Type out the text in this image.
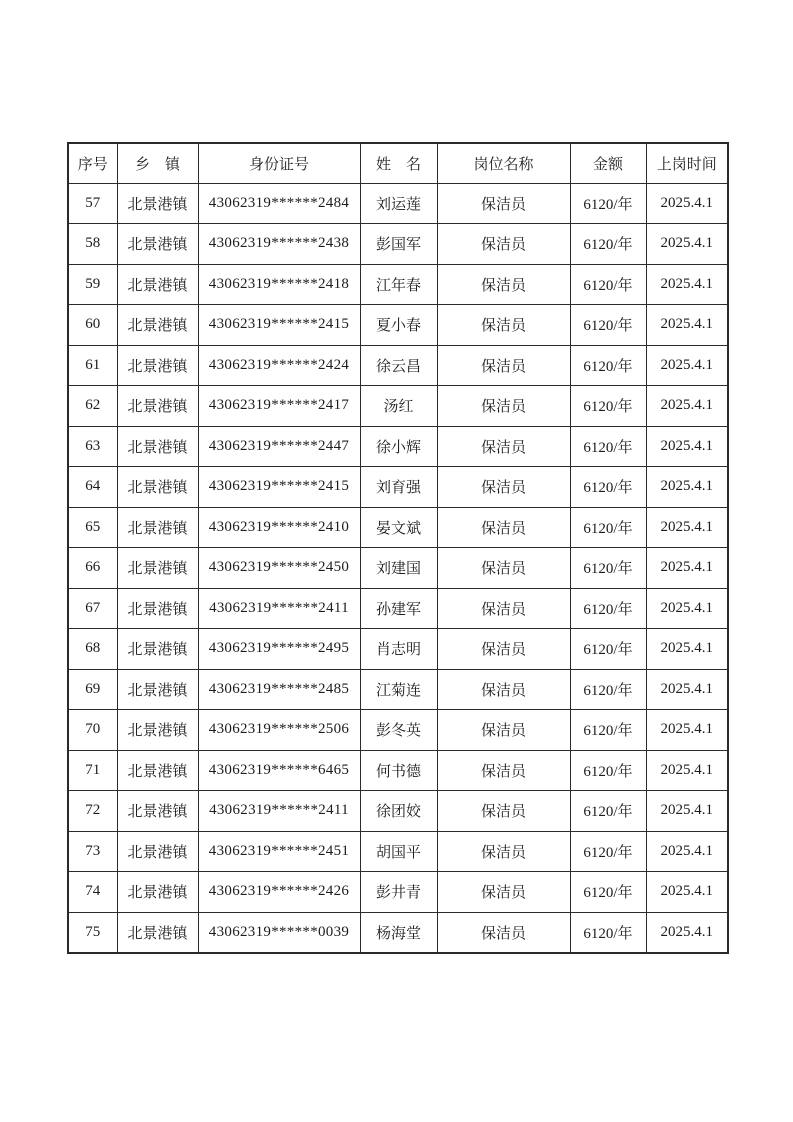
序号	乡　镇	身份证号	姓　名	岗位名称	金额	上岗时间
57	北景港镇	43062319******2484	刘运莲	保洁员	6120/年	2025.4.1
58	北景港镇	43062319******2438	彭国军	保洁员	6120/年	2025.4.1
59	北景港镇	43062319******2418	江年春	保洁员	6120/年	2025.4.1
60	北景港镇	43062319******2415	夏小春	保洁员	6120/年	2025.4.1
61	北景港镇	43062319******2424	徐云昌	保洁员	6120/年	2025.4.1
62	北景港镇	43062319******2417	汤红	保洁员	6120/年	2025.4.1
63	北景港镇	43062319******2447	徐小辉	保洁员	6120/年	2025.4.1
64	北景港镇	43062319******2415	刘育强	保洁员	6120/年	2025.4.1
65	北景港镇	43062319******2410	晏文斌	保洁员	6120/年	2025.4.1
66	北景港镇	43062319******2450	刘建国	保洁员	6120/年	2025.4.1
67	北景港镇	43062319******2411	孙建军	保洁员	6120/年	2025.4.1
68	北景港镇	43062319******2495	肖志明	保洁员	6120/年	2025.4.1
69	北景港镇	43062319******2485	江菊连	保洁员	6120/年	2025.4.1
70	北景港镇	43062319******2506	彭冬英	保洁员	6120/年	2025.4.1
71	北景港镇	43062319******6465	何书德	保洁员	6120/年	2025.4.1
72	北景港镇	43062319******2411	徐团姣	保洁员	6120/年	2025.4.1
73	北景港镇	43062319******2451	胡国平	保洁员	6120/年	2025.4.1
74	北景港镇	43062319******2426	彭井青	保洁员	6120/年	2025.4.1
75	北景港镇	43062319******0039	杨海堂	保洁员	6120/年	2025.4.1
